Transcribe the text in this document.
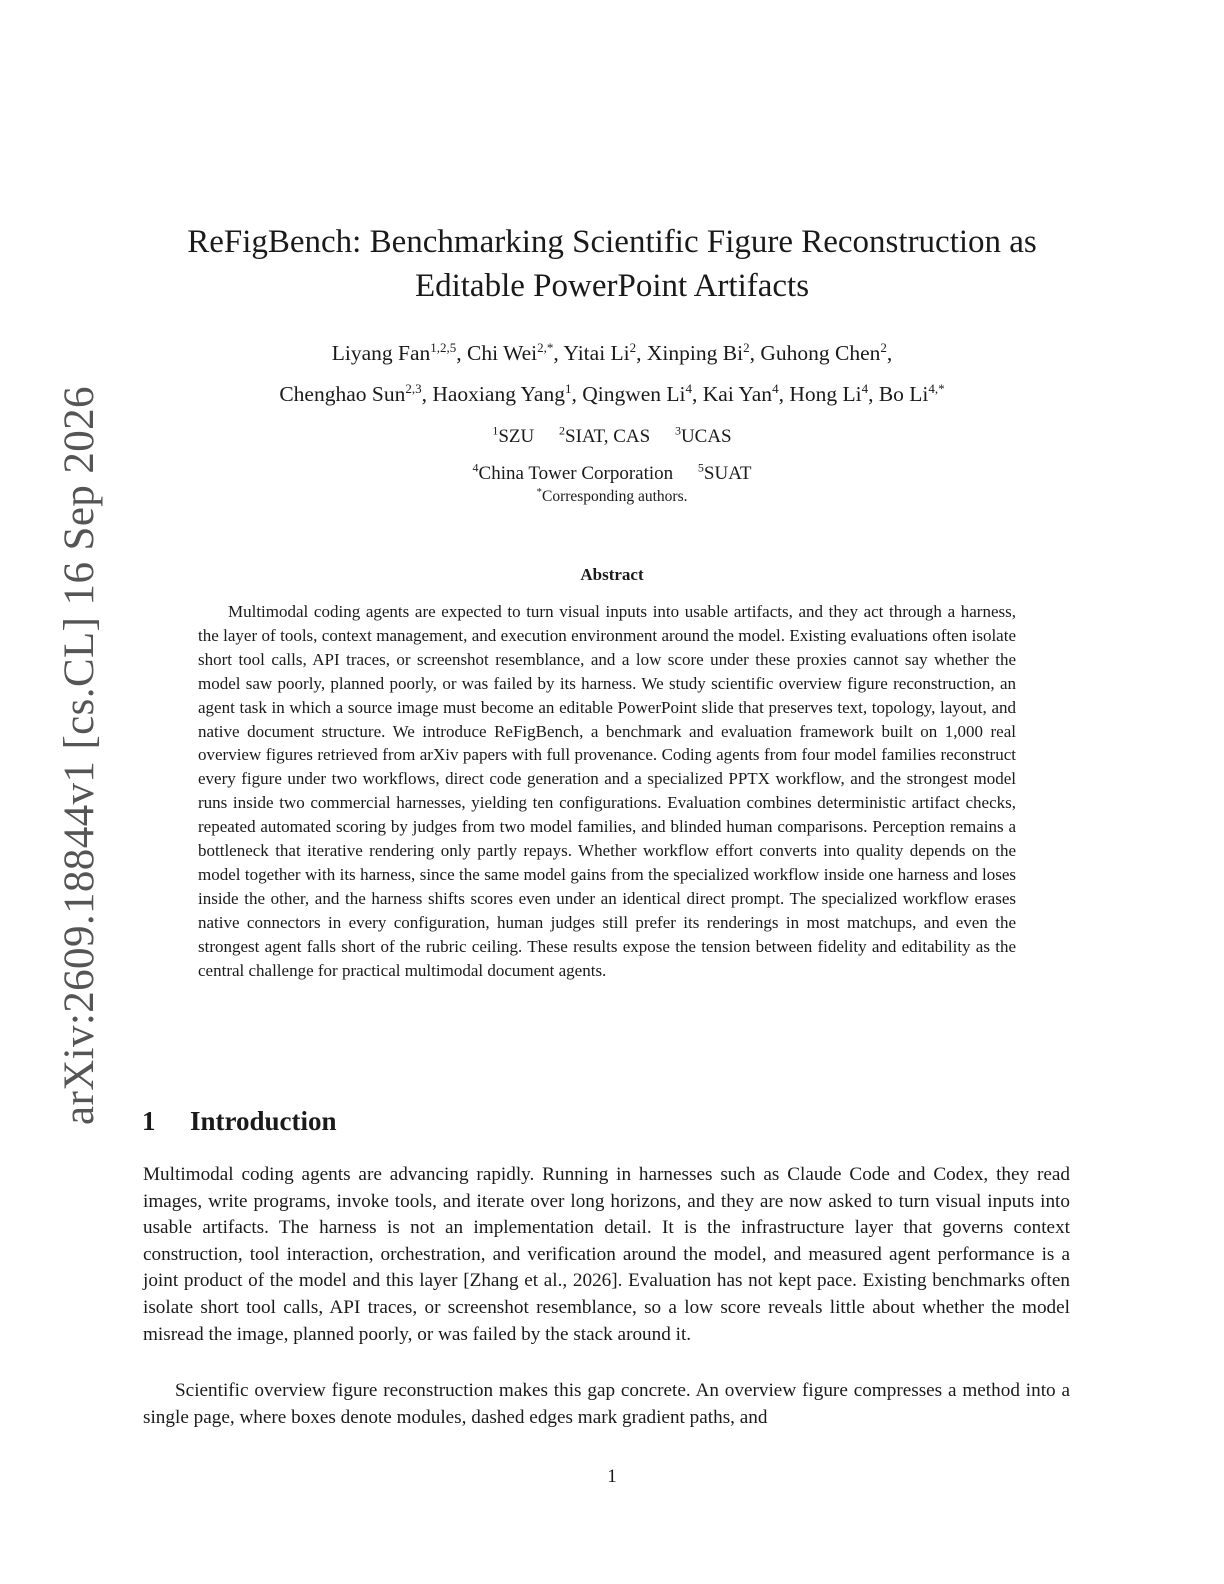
arXiv:2609.18844v1 [cs.CL] 16 Sep 2026
ReFigBench: Benchmarking Scientific Figure Reconstruction as Editable PowerPoint Artifacts
Liyang Fan$^{1,2,5}$, Chi Wei$^{2,*}$, Yitai Li$^2$, Xinping Bi$^2$, Guhong Chen$^2$,
Chenghao Sun$^{2,3}$, Haoxiang Yang$^1$, Qingwen Li$^4$, Kai Yan$^4$, Hong Li$^4$, Bo $Li^{4,*}$
$^1$SZU $^2$SIAT, CAS $^3$UCAS
$^4$China Tower Corporation $^5$SUAT
*Corresponding authors.
Abstract

Multimodal coding agents are expected to turn visual inputs into usable artifacts, and they act through a harness, the layer of tools, context management, and execution environment around the model. Existing evaluations often isolate short tool calls, API traces, or screenshot resemblance, and a low score under these proxies cannot say whether the model saw poorly, planned poorly, or was failed by its harness. We study scientific overview figure reconstruction, an agent task in which a source image must become an editable PowerPoint slide that preserves text, topology, layout, and native document structure. We introduce ReFigBench, a benchmark and evaluation framework built on 1,000 real overview figures retrieved from arXiv papers with full provenance. Coding agents from four model families reconstruct every figure under two workflows, direct code generation and a specialized PPTX workflow, and the strongest model runs inside two commercial harnesses, yielding ten configurations. Evaluation combines deterministic artifact checks, repeated automated scoring by judges from two model families, and blinded human comparisons. Perception remains a bottleneck that iterative rendering only partly repays. Whether workflow effort converts into quality depends on the model together with its harness, since the same model gains from the specialized workflow inside one harness and loses inside the other, and the harness shifts scores even under an identical direct prompt. The specialized workflow erases native connectors in every configuration, human judges still prefer its renderings in most matchups, and even the strongest agent falls short of the rubric ceiling. These results expose the tension between fidelity and editability as the central challenge for practical multimodal document agents.

1 Introduction

Multimodal coding agents are advancing rapidly. Running in harnesses such as Claude Code and Codex, they read images, write programs, invoke tools, and iterate over long horizons, and they are now asked to turn visual inputs into usable artifacts. The harness is not an implementation detail. It is the infrastructure layer that governs context construction, tool interaction, orchestration, and verification around the model, and measured agent performance is a joint product of the model and this layer [Zhang et al., 2026]. Evaluation has not kept pace. Existing benchmarks often isolate short tool calls, API traces, or screenshot resemblance, so a low score reveals little about whether the model misread the image, planned poorly, or was failed by the stack around it.

Scientific overview figure reconstruction makes this gap concrete. An overview figure compresses a method into a single page, where boxes denote modules, dashed edges mark gradient paths, and

1
